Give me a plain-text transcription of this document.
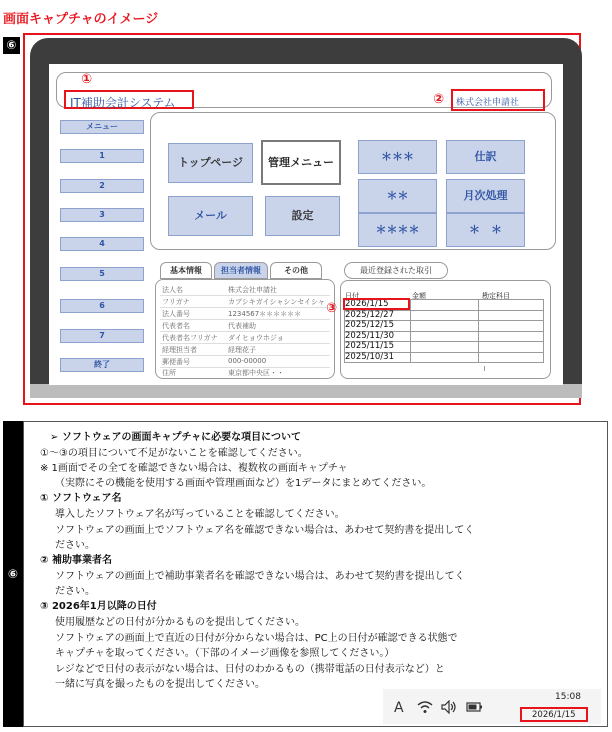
画面キャプチャのイメージ
⑥
①
IT補助会計システム	② 株式会社申請社
メニュー
1
2
3
4
5
6
7
終了
トップページ	管理メニュー
メール	設定
＊＊＊	仕訳
＊＊	月次処理
＊＊＊＊	＊　＊
基本情報	担当者情報	その他
法人名	株式会社申請社
フリガナ	カブシキガイシャシンセイシャ
法人番号	1234567＊＊＊＊＊＊
代表者名	代表補助
代表者名フリガナ ダイヒョウホジョ
経理担当者	経理花子
郵便番号	000-00000
住所	東京都中央区・・
最近登録された取引
日付	金額	勘定科目
2026/1/15
2025/12/27
2025/12/15
2025/11/30
2025/11/15
2025/10/31
③
⑥
➢ ソフトウェアの画面キャプチャに必要な項目について
①～③の項目について不足がないことを確認してください。
※ 1画面でその全てを確認できない場合は、複数枚の画面キャプチャ
（実際にその機能を使用する画面や管理画面など）を1データにまとめてください。
① ソフトウェア名
導入したソフトウェア名が写っていることを確認してください。
ソフトウェアの画面上でソフトウェア名を確認できない場合は、あわせて契約書を提出してく
ださい。
② 補助事業者名
ソフトウェアの画面上で補助事業者名を確認できない場合は、あわせて契約書を提出してく
ださい。
③ 2026年1月以降の日付
使用履歴などの日付が分かるものを提出してください。
ソフトウェアの画面上で直近の日付が分からない場合は、PC上の日付が確認できる状態で
キャプチャを取ってください。（下部のイメージ画像を参照してください。）
レジなどで日付の表示がない場合は、日付のわかるもの（携帯電話の日付表示など）と
一緒に写真を撮ったものを提出してください。
A
15:08
2026/1/15
